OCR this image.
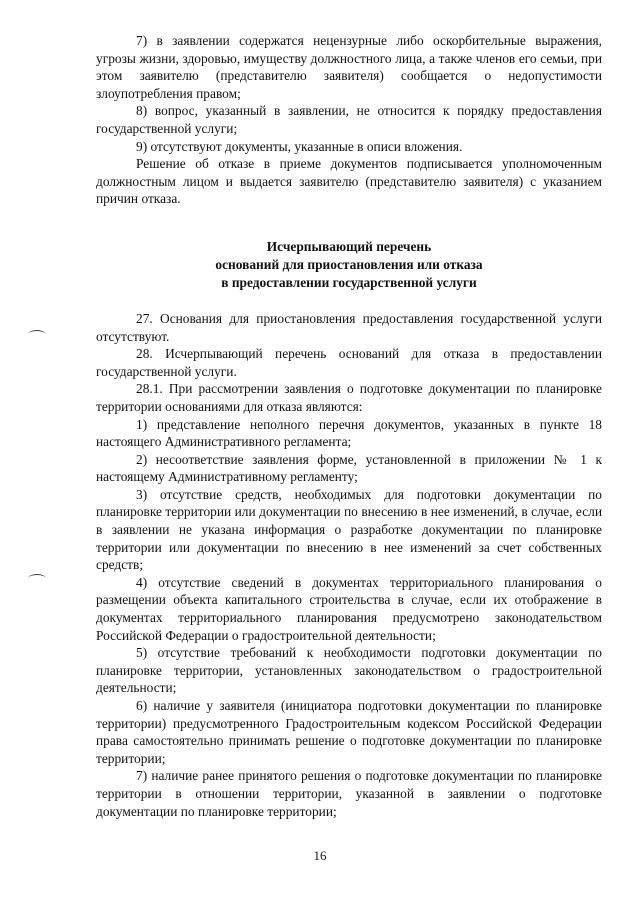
7) в заявлении содержатся нецензурные либо оскорбительные выражения, угрозы жизни, здоровью, имуществу должностного лица, а также членов его семьи, при этом заявителю (представителю заявителя) сообщается о недопустимости злоупотребления правом;

8) вопрос, указанный в заявлении, не относится к порядку предоставления государственной услуги;

9) отсутствуют документы, указанные в описи вложения.

Решение об отказе в приеме документов подписывается уполномоченным должностным лицом и выдается заявителю (представителю заявителя) с указанием причин отказа.

Исчерпывающий перечень
оснований для приостановления или отказа
в предоставлении государственной услуги

27. Основания для приостановления предоставления государственной услуги отсутствуют.

28. Исчерпывающий перечень оснований для отказа в предоставлении государственной услуги.

28.1. При рассмотрении заявления о подготовке документации по планировке территории основаниями для отказа являются:

1) представление неполного перечня документов, указанных в пункте 18 настоящего Административного регламента;

2) несоответствие заявления форме, установленной в приложении № 1 к настоящему Административному регламенту;

3) отсутствие средств, необходимых для подготовки документации по планировке территории или документации по внесению в нее изменений, в случае, если в заявлении не указана информация о разработке документации по планировке территории или документации по внесению в нее изменений за счет собственных средств;

4) отсутствие сведений в документах территориального планирования о размещении объекта капитального строительства в случае, если их отображение в документах территориального планирования предусмотрено законодательством Российской Федерации о градостроительной деятельности;

5) отсутствие требований к необходимости подготовки документации по планировке территории, установленных законодательством о градостроительной деятельности;

6) наличие у заявителя (инициатора подготовки документации по планировке территории) предусмотренного Градостроительным кодексом Российской Федерации права самостоятельно принимать решение о подготовке документации по планировке территории;

7) наличие ранее принятого решения о подготовке документации по планировке территории в отношении территории, указанной в заявлении о подготовке документации по планировке территории;

16
